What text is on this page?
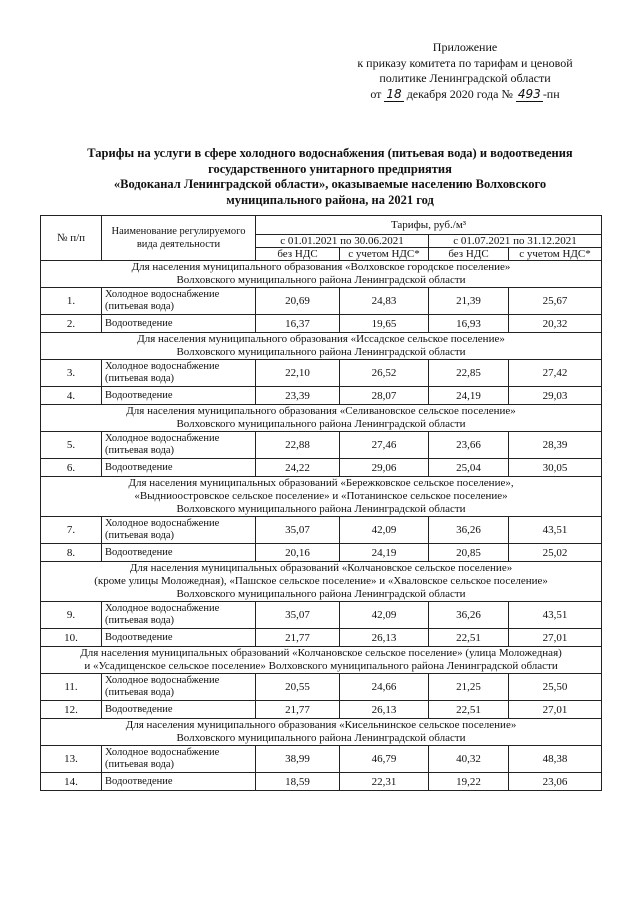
Приложение
к приказу комитета по тарифам и ценовой
политике Ленинградской области
от 18 декабря 2020 года № 493 -пн
Тарифы на услуги в сфере холодного водоснабжения (питьевая вода) и водоотведения
государственного унитарного предприятия
«Водоканал Ленинградской области», оказываемые населению Волховского
муниципального района, на 2021 год
№ п/п	Наименование регулируемого вида деятельности	Тарифы, руб./м³			
		с 01.01.2021 по 30.06.2021		с 01.07.2021 по 31.12.2021	
		без НДС	с учетом НДС*	без НДС	с учетом НДС*

Для населения муниципального образования «Волховское городское поселение»
Волховского муниципального района Ленинградской области					

1.	Холодное водоснабжение (питьевая вода)	20,69	24,83	21,39	25,67
2.	Водоотведение	16,37	19,65	16,93	20,32

Для населения муниципального образования «Иссадское сельское поселение»
Волховского муниципального района Ленинградской области					

3.	Холодное водоснабжение (питьевая вода)	22,10	26,52	22,85	27,42
4.	Водоотведение	23,39	28,07	24,19	29,03

Для населения муниципального образования «Селивановское сельское поселение»
Волховского муниципального района Ленинградской области					

5.	Холодное водоснабжение (питьевая вода)	22,88	27,46	23,66	28,39
6.	Водоотведение	24,22	29,06	25,04	30,05

Для населения муниципальных образований «Бережковское сельское поселение»,
«Выдниоостровское сельское поселение» и «Потанинское сельское поселение»
Волховского муниципального района Ленинградской области					

7.	Холодное водоснабжение (питьевая вода)	35,07	42,09	36,26	43,51
8.	Водоотведение	20,16	24,19	20,85	25,02

Для населения муниципальных образований «Колчановское сельское поселение»
(кроме улицы Моложедная), «Пашское сельское поселение» и «Хваловское сельское поселение»
Волховского муниципального района Ленинградской области					

9.	Холодное водоснабжение (питьевая вода)	35,07	42,09	36,26	43,51
10.	Водоотведение	21,77	26,13	22,51	27,01

Для населения муниципальных образований «Колчановское сельское поселение» (улица Моложедная)
и «Усадищенское сельское поселение» Волховского муниципального района Ленинградской области					

11.	Холодное водоснабжение (питьевая вода)	20,55	24,66	21,25	25,50
12.	Водоотведение	21,77	26,13	22,51	27,01

Для населения муниципального образования «Кисельнинское сельское поселение»
Волховского муниципального района Ленинградской области					

13.	Холодное водоснабжение (питьевая вода)	38,99	46,79	40,32	48,38
14.	Водоотведение	18,59	22,31	19,22	23,06
